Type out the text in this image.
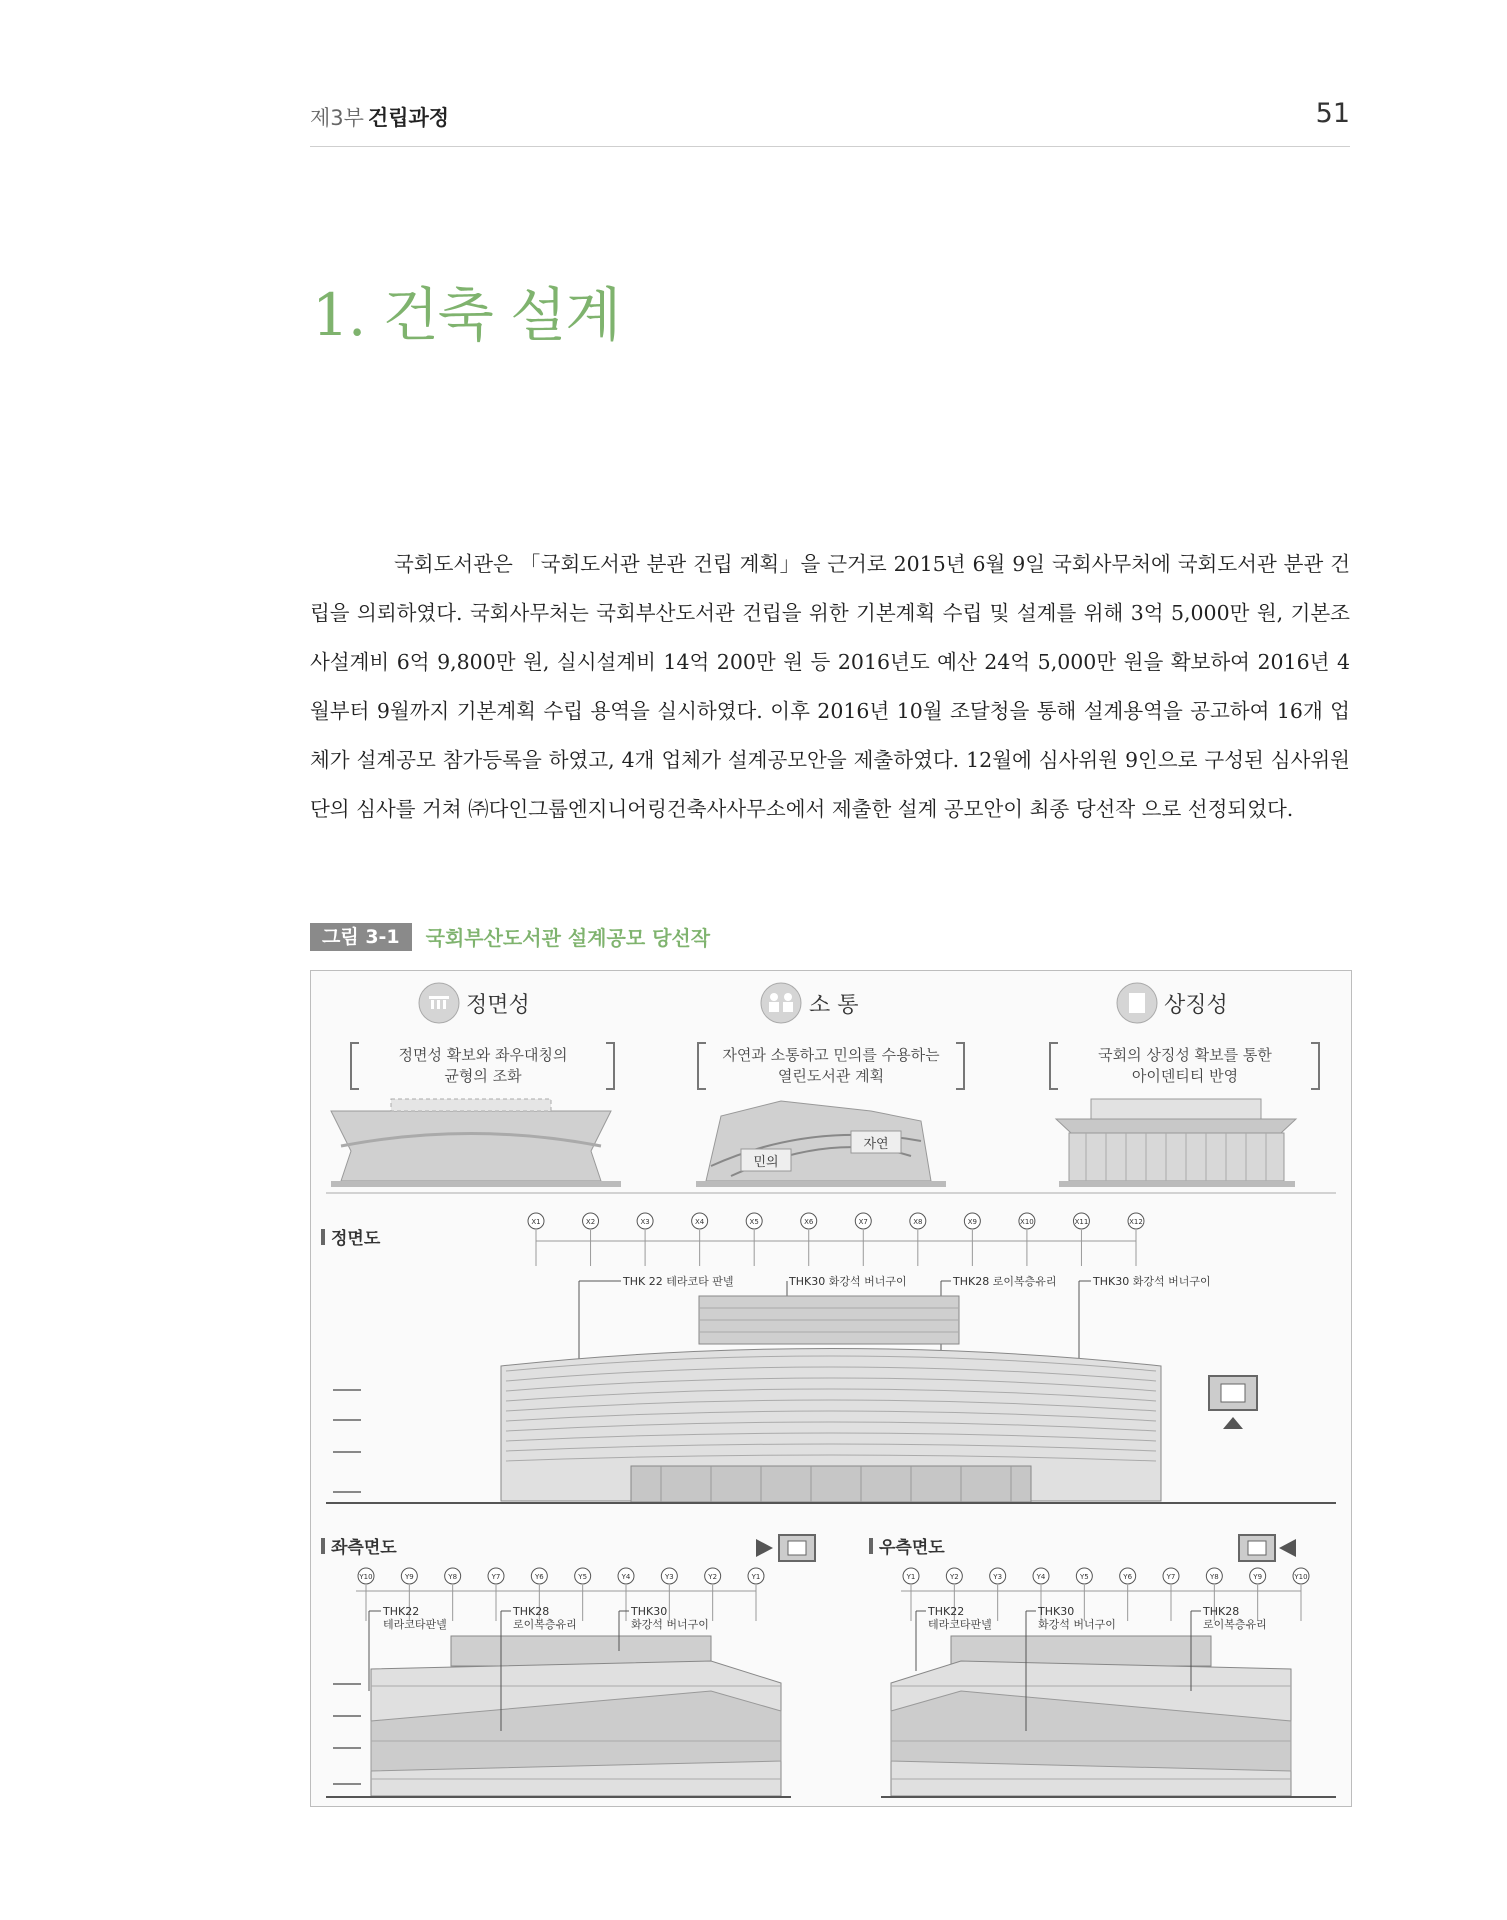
제3부 건립과정	51
1. 건축 설계

국회도서관은 「국회도서관 분관 건립 계획」을 근거로 2015년 6월 9일 국회사무처에 국회도서관 분관 건립을 의뢰하였다. 국회사무처는 국회부산도서관 건립을 위한 기본계획 수립 및 설계를 위해 3억 5,000만 원, 기본조사설계비 6억 9,800만 원, 실시설계비 14억 200만 원 등 2016년도 예산 24억 5,000만 원을 확보하여 2016년 4월부터 9월까지 기본계획 수립 용역을 실시하였다. 이후 2016년 10월 조달청을 통해 설계용역을 공고하여 16개 업체가 설계공모 참가등록을 하였고, 4개 업체가 설계공모안을 제출하였다. 12월에 심사위원 9인으로 구성된 심사위원단의 심사를 거쳐 ㈜다인그룹엔지니어링건축사사무소에서 제출한 설계 공모안이 최종 당선작 으로 선정되었다.

그림 3-1 국회부산도서관 설계공모 당선작
정면성
정면성 확보와 좌우대칭의
균형의 조화
소 통
자연과 소통하고 민의를 수용하는
열린도서관 계획
민의
자연
상징성
국회의 상징성 확보를 통한
아이덴티티 반영
정면도
X1	X2	X3	X4	X5	X6	X7	X8	X9	X10	X11	X12
THK 22 테라코타 판넬	THK30 화강석 버너구이	THK28 로이복층유리	THK30 화강석 버너구이
좌측면도
Y10	Y9	Y8	Y7	Y6	Y5	Y4	Y3	Y2	Y1
THK22
테라코타판넬
THK28
로이복층유리
THK30
화강석 버너구이
우측면도
Y1	Y2	Y3	Y4	Y5	Y6	Y7	Y8	Y9	Y10
THK22
테라코타판넬
THK30
화강석 버너구이
THK28
로이복층유리
